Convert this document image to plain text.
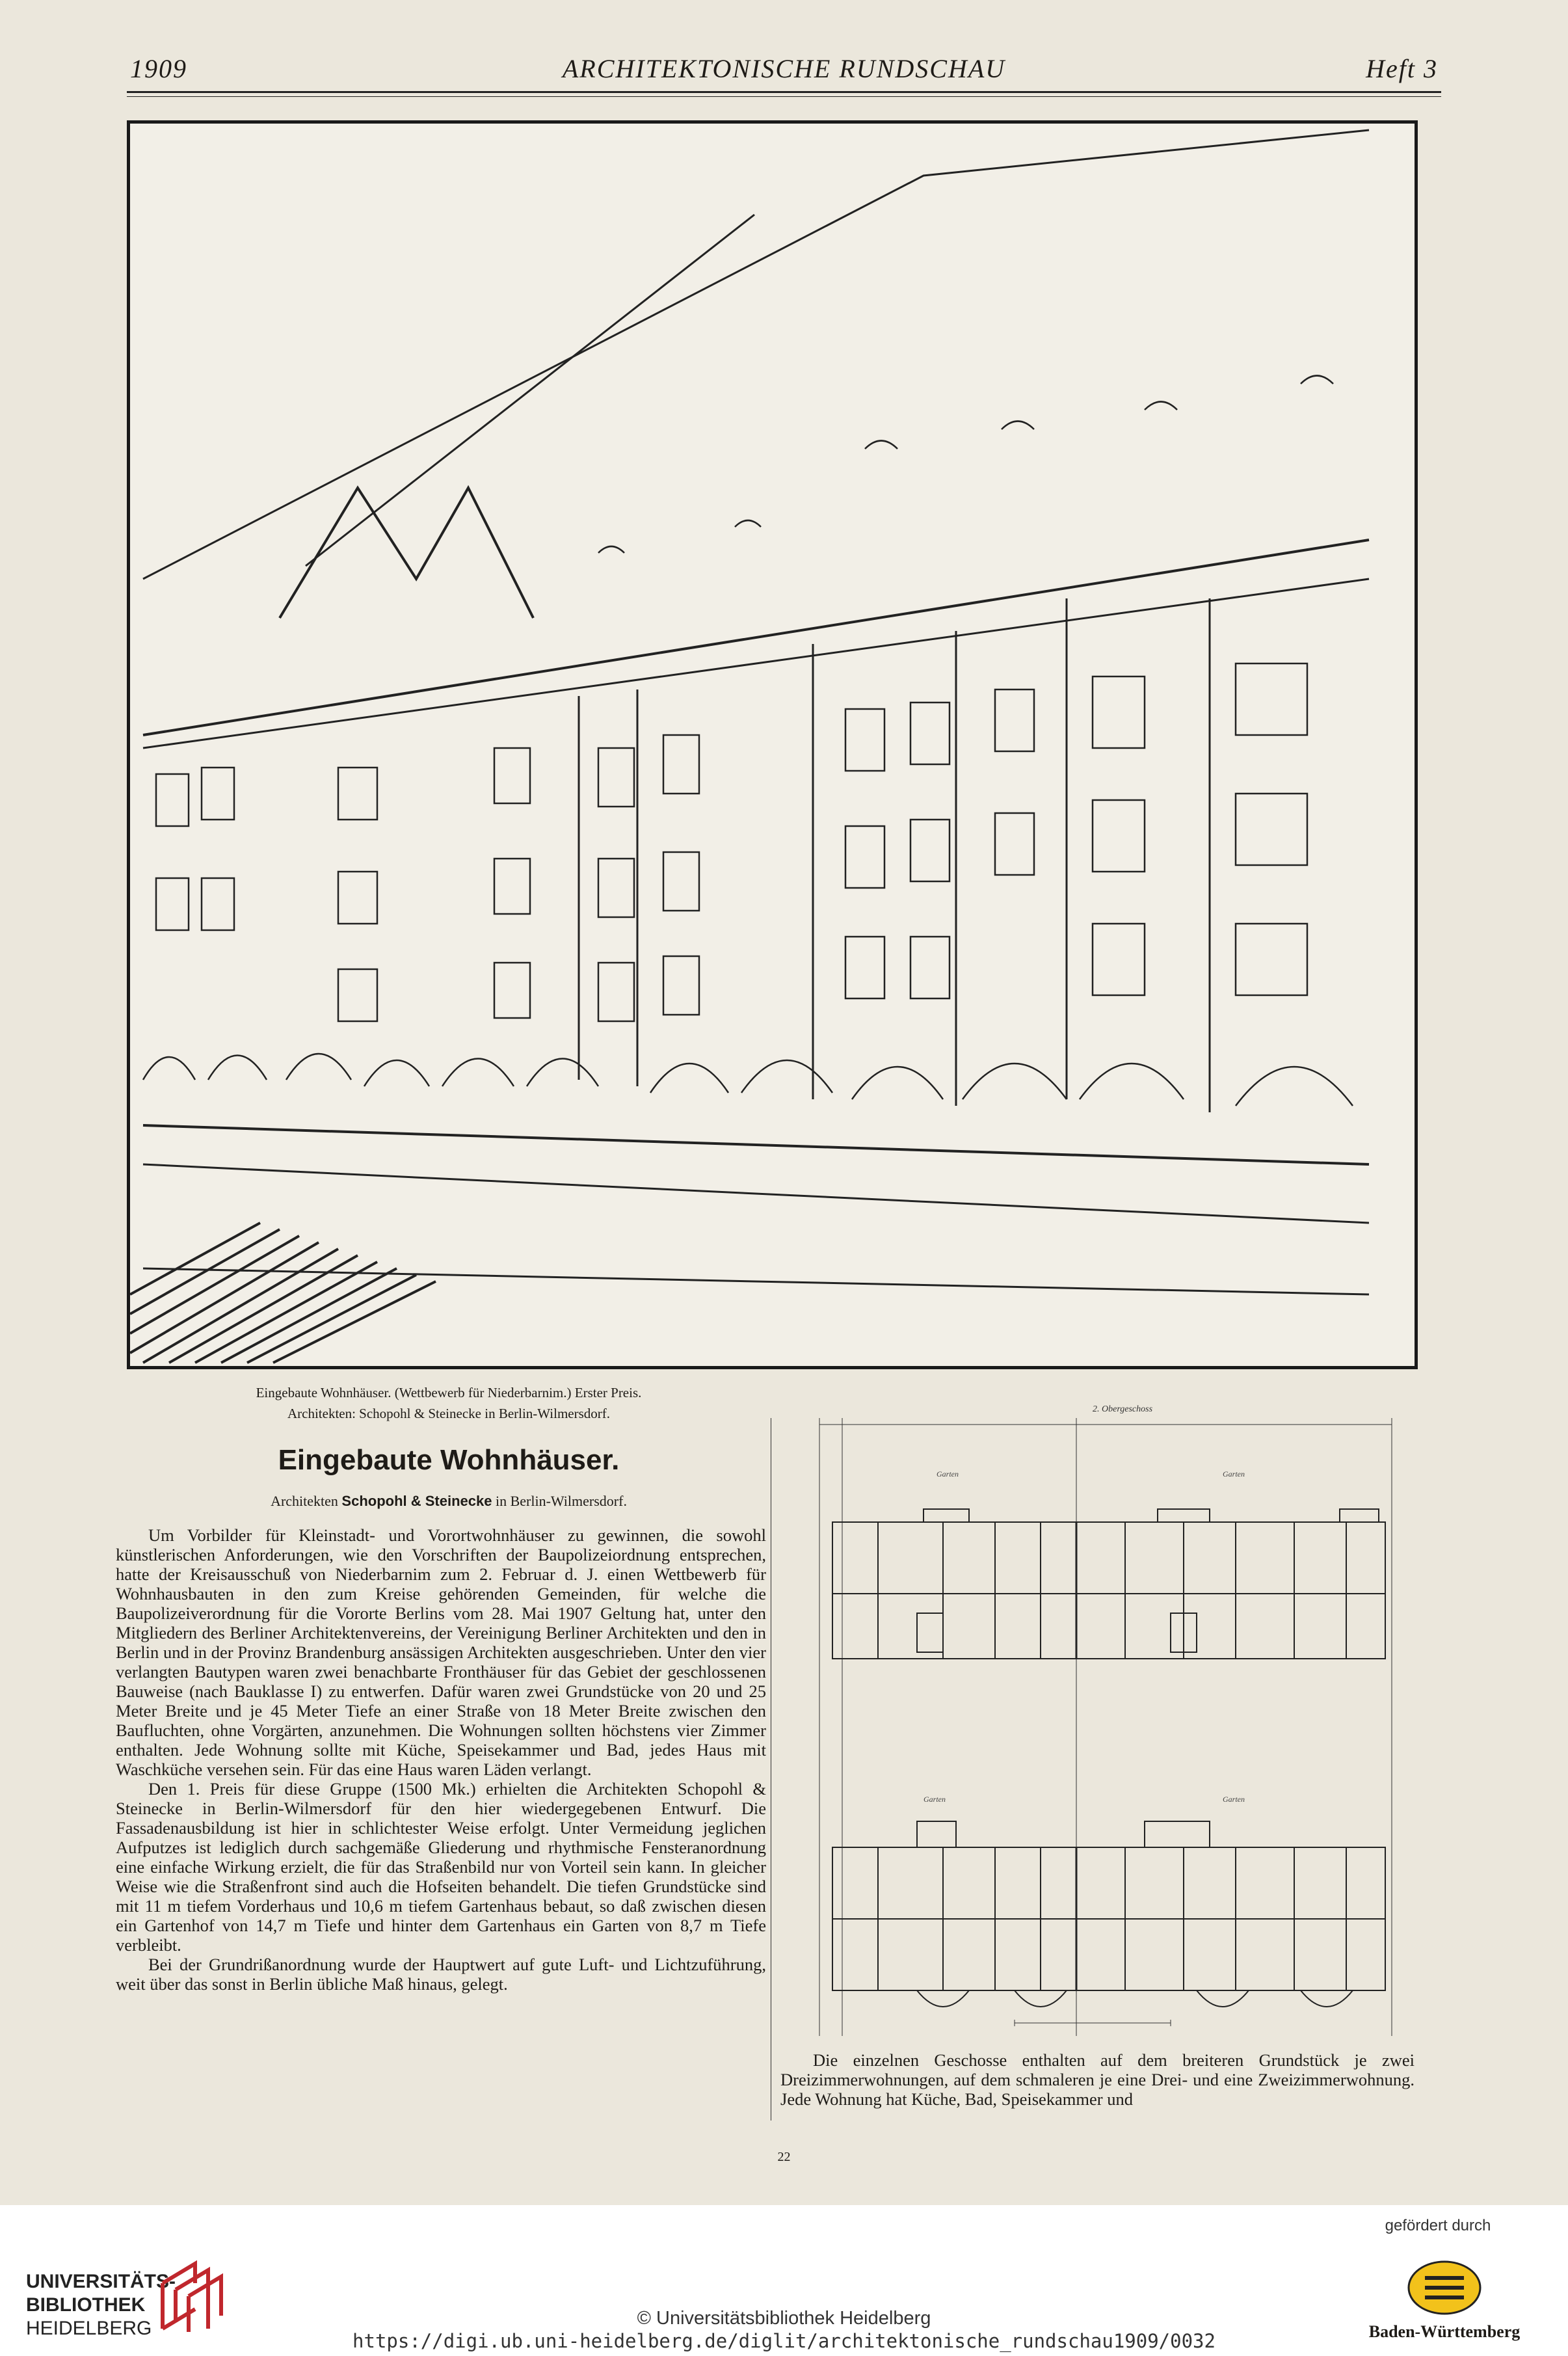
1909	ARCHITEKTONISCHE RUNDSCHAU	Heft 3
Eingebaute Wohnhäuser. (Wettbewerb für Niederbarnim.) Erster Preis.
Architekten: Schopohl & Steinecke in Berlin-Wilmersdorf.
Eingebaute Wohnhäuser.
Architekten Schopohl & Steinecke in Berlin-Wilmersdorf.

Um Vorbilder für Kleinstadt- und Vorortwohnhäuser zu gewinnen, die sowohl künstlerischen Anforderungen, wie den Vorschriften der Baupolizeiordnung entsprechen, hatte der Kreisausschuß von Niederbarnim zum 2. Februar d. J. einen Wettbewerb für Wohnhausbauten in den zum Kreise gehörenden Gemeinden, für welche die Baupolizeiverordnung für die Vororte Berlins vom 28. Mai 1907 Geltung hat, unter den Mitgliedern des Berliner Architektenvereins, der Vereinigung Berliner Architekten und den in Berlin und in der Provinz Brandenburg ansässigen Architekten ausgeschrieben. Unter den vier verlangten Bautypen waren zwei benachbarte Fronthäuser für das Gebiet der geschlossenen Bauweise (nach Bauklasse I) zu entwerfen. Dafür waren zwei Grundstücke von 20 und 25 Meter Breite und je 45 Meter Tiefe an einer Straße von 18 Meter Breite zwischen den Baufluchten, ohne Vorgärten, anzunehmen. Die Wohnungen sollten höchstens vier Zimmer enthalten. Jede Wohnung sollte mit Küche, Speisekammer und Bad, jedes Haus mit Waschküche versehen sein. Für das eine Haus waren Läden verlangt.

Den 1. Preis für diese Gruppe (1500 Mk.) erhielten die Architekten Schopohl & Steinecke in Berlin-Wilmersdorf für den hier wiedergegebenen Entwurf. Die Fassadenausbildung ist hier in schlichtester Weise erfolgt. Unter Vermeidung jeglichen Aufputzes ist lediglich durch sachgemäße Gliederung und rhythmische Fensteranordnung eine einfache Wirkung erzielt, die für das Straßenbild nur von Vorteil sein kann. In gleicher Weise wie die Straßenfront sind auch die Hofseiten behandelt. Die tiefen Grundstücke sind mit 11 m tiefem Vorderhaus und 10,6 m tiefem Gartenhaus bebaut, so daß zwischen diesen ein Gartenhof von 14,7 m Tiefe und hinter dem Gartenhaus ein Garten von 8,7 m Tiefe verbleibt.

Bei der Grundrißanordnung wurde der Hauptwert auf gute Luft- und Lichtzuführung, weit über das sonst in Berlin übliche Maß hinaus, gelegt.

2. Obergeschoss
Garten	Garten
Garten	Garten

Die einzelnen Geschosse enthalten auf dem breiteren Grundstück je zwei Dreizimmerwohnungen, auf dem schmaleren je eine Drei- und eine Zweizimmerwohnung. Jede Wohnung hat Küche, Bad, Speisekammer und

22
UNIVERSITÄTS-
BIBLIOTHEK
HEIDELBERG
gefördert durch
Baden-Württemberg
© Universitätsbibliothek Heidelberg
https://digi.ub.uni-heidelberg.de/diglit/architektonische_rundschau1909/0032
